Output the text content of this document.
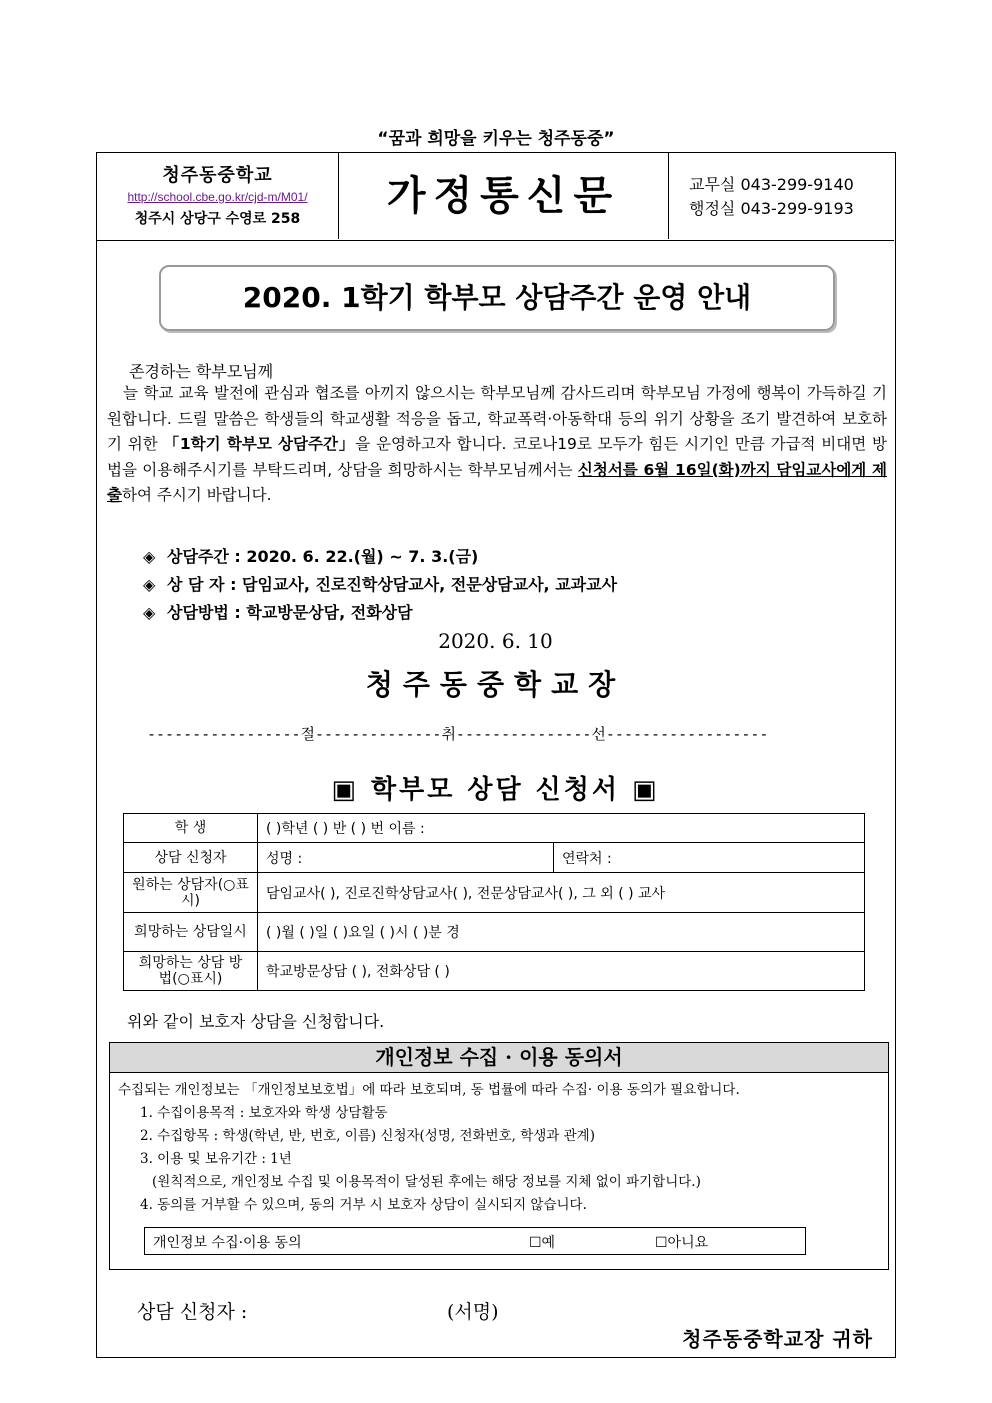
“꿈과 희망을 키우는 청주동중”
청주동중학교
http://school.cbe.go.kr/cjd-m/M01/
청주시 상당구 수영로 258	가정통신문	교무실 043-299-9140
행정실 043-299-9193
2020. 1학기 학부모 상담주간 운영 안내
존경하는 학부모님께
늘 학교 교육 발전에 관심과 협조를 아끼지 않으시는 학부모님께 감사드리며 학부모님 가정에 행복이 가득하길 기원합니다. 드릴 말씀은 학생들의 학교생활 적응을 돕고, 학교폭력·아동학대 등의 위기 상황을 조기 발견하여 보호하기 위한 「1학기 학부모 상담주간」을 운영하고자 합니다. 코로나19로 모두가 힘든 시기인 만큼 가급적 비대면 방법을 이용해주시기를 부탁드리며, 상담을 희망하시는 학부모님께서는 신청서를 6월 16일(화)까지 담임교사에게 제출하여 주시기 바랍니다.
◈ 상담주간 : 2020. 6. 22.(월) ~ 7. 3.(금)
◈ 상 담 자 : 담임교사, 진로진학상담교사, 전문상담교사, 교과교사
◈ 상담방법 : 학교방문상담, 전화상담
2020. 6. 10
청주동중학교장
-----------------절--------------취---------------선------------------
▣ 학부모 상담 신청서 ▣
학 생	( )학년 ( ) 반 ( ) 번 이름 :	
상담 신청자	성명 :	연락처 :
원하는 상담자(○표시)	담임교사( ), 진로진학상담교사( ), 전문상담교사( ), 그 외 ( ) 교사	
희망하는 상담일시	( )월 ( )일 ( )요일 ( )시 ( )분 경	
희망하는 상담 방법(○표시)	학교방문상담 ( ), 전화상담 ( )	
위와 같이 보호자 상담을 신청합니다.
개인정보 수집 · 이용 동의서
수집되는 개인정보는 「개인정보보호법」에 따라 보호되며, 동 법률에 따라 수집· 이용 동의가 필요합니다.
1. 수집이용목적 : 보호자와 학생 상담활동
2. 수집항목 : 학생(학년, 반, 번호, 이름) 신청자(성명, 전화번호, 학생과 관계)
3. 이용 및 보유기간 : 1년
(원칙적으로, 개인정보 수집 및 이용목적이 달성된 후에는 해당 정보를 지체 없이 파기합니다.)
4. 동의를 거부할 수 있으며, 동의 거부 시 보호자 상담이 실시되지 않습니다.
개인정보 수집·이용 동의	☐예	☐아니요
상담 신청자 :	(서명)
청주동중학교장 귀하
